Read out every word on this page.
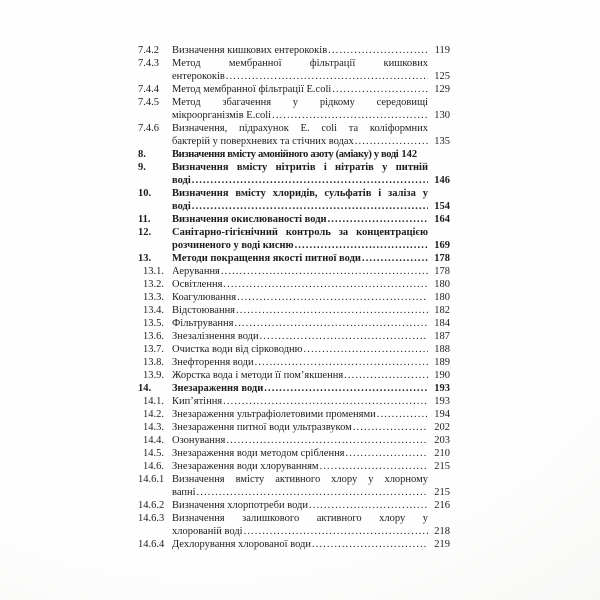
7.4.2	Визначення кишкових ентерококів .....	119
7.4.3	Метод мембранної фільтрації кишкових
ентерококів .....	125
7.4.4	Метод мембранної фільтрації E.coli .....	129
7.4.5	Метод збагачення у рідкому середовищі
мікроорганізмів E.coli .....	130
7.4.6	Визначення, підрахунок E. coli та коліформних
бактерій у поверхневих та стічних водах .....	135
8.	Визначення вмісту амонійного азоту (аміаку) у воді 142
9.	Визначення вмісту нітритів і нітратів у питній
воді .....	146
10.	Визначення вмісту хлоридів, сульфатів і заліза у
воді .....	154
11.	Визначення окислюваності води .....	164
12.	Санітарно-гігієнічний контроль за концентрацією
розчиненого у воді кисню .....	169
13.	Методи покращення якості питної води .....	178
13.1. Аерування .....	178
13.2. Освітлення .....	180
13.3. Коагулювання .....	180
13.4. Відстоювання .....	182
13.5. Фільтрування .....	184
13.6. Знезалізнення води .....	187
13.7. Очистка води від сірководню .....	188
13.8. Знефторення води .....	189
13.9. Жорстка вода і методи її пом’якшення .....	190
14.	Знезараження води .....	193
14.1. Кип’ятіння .....	193
14.2. Знезараження ультрафіолетовими променями .....	194
14.3. Знезараження питної води ультразвуком .....	202
14.4. Озонування .....	203
14.5. Знезараження води методом сріблення .....	210
14.6. Знезараження води хлоруванням .....	215
14.6.1 Визначення вмісту активного хлору у хлорному
вапні .....	215
14.6.2 Визначення хлорпотреби води .....	216
14.6.3 Визначення залишкового активного хлору у
хлорованій воді .....	218
14.6.4 Дехлорування хлорованої води .....	219
